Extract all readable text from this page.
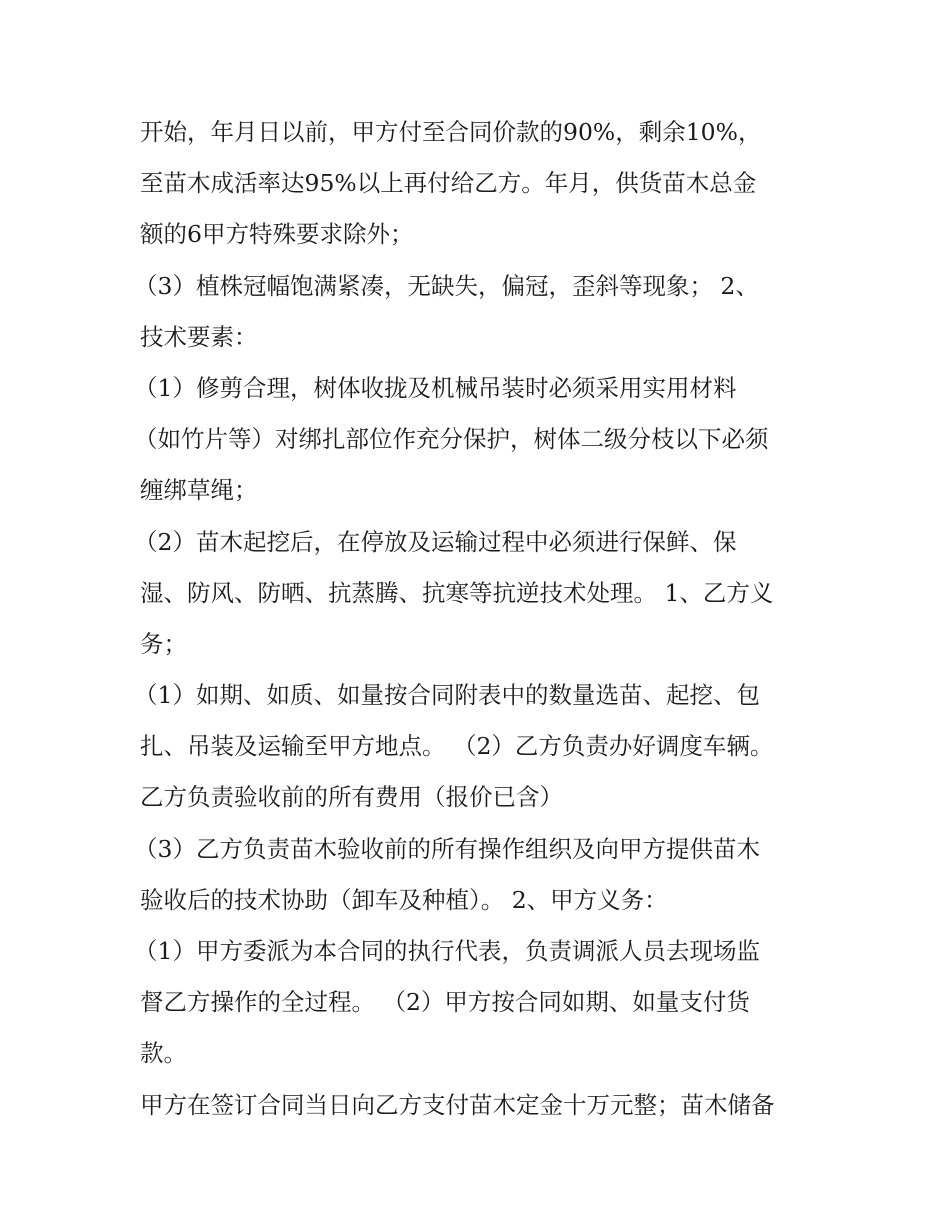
开始，年月日以前，甲方付至合同价款的90%，剩余10%，
至苗木成活率达95%以上再付给乙方。年月，供货苗木总金
额的6甲方特殊要求除外；
（3）植株冠幅饱满紧凑，无缺失，偏冠，歪斜等现象； 2、
技术要素：
（1）修剪合理，树体收拢及机械吊装时必须采用实用材料
（如竹片等）对绑扎部位作充分保护，树体二级分枝以下必须
缠绑草绳；
（2）苗木起挖后，在停放及运输过程中必须进行保鲜、保
湿、防风、防晒、抗蒸腾、抗寒等抗逆技术处理。 1、乙方义
务；
（1）如期、如质、如量按合同附表中的数量选苗、起挖、包
扎、吊装及运输至甲方地点。 （2）乙方负责办好调度车辆。
乙方负责验收前的所有费用（报价已含）
（3）乙方负责苗木验收前的所有操作组织及向甲方提供苗木
验收后的技术协助（卸车及种植）。 2、甲方义务：
（1）甲方委派为本合同的执行代表，负责调派人员去现场监
督乙方操作的全过程。 （2）甲方按合同如期、如量支付货
款。
甲方在签订合同当日向乙方支付苗木定金十万元整；苗木储备
